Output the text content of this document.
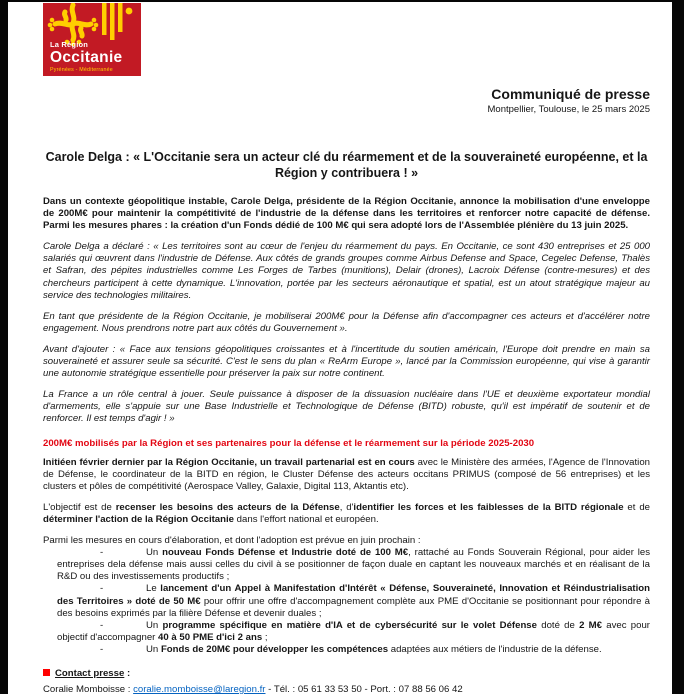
La Région
Occitanie
Pyrénées - Méditerranée
Communiqué de presse
Montpellier, Toulouse, le 25 mars 2025
Carole Delga : « L'Occitanie sera un acteur clé du réarmement et de la souveraineté européenne, et la Région y contribuera ! »

Dans un contexte géopolitique instable, Carole Delga, présidente de la Région Occitanie, annonce la mobilisation d'une enveloppe de 200M€ pour maintenir la compétitivité de l'industrie de la défense dans les territoires et renforcer notre capacité de défense. Parmi les mesures phares : la création d'un Fonds dédié de 100 M€ qui sera adopté lors de l'Assemblée plénière du 13 juin 2025.

Carole Delga a déclaré : « Les territoires sont au cœur de l'enjeu du réarmement du pays. En Occitanie, ce sont 430 entreprises et 25 000 salariés qui œuvrent dans l'industrie de Défense. Aux côtés de grands groupes comme Airbus Defense and Space, Cegelec Defense, Thalès et Safran, des pépites industrielles comme Les Forges de Tarbes (munitions), Delair (drones), Lacroix Défense (contre-mesures) et des chercheurs participent à cette dynamique. L'innovation, portée par les secteurs aéronautique et spatial, est un atout stratégique majeur au service des technologies militaires.

En tant que présidente de la Région Occitanie, je mobiliserai 200M€ pour la Défense afin d'accompagner ces acteurs et d'accélérer notre engagement. Nous prendrons notre part aux côtés du Gouvernement ».

Avant d'ajouter : « Face aux tensions géopolitiques croissantes et à l'incertitude du soutien américain, l'Europe doit prendre en main sa souveraineté et assurer seule sa sécurité. C'est le sens du plan « ReArm Europe », lancé par la Commission européenne, qui vise à garantir une autonomie stratégique essentielle pour préserver la paix sur notre continent.

La France a un rôle central à jouer. Seule puissance à disposer de la dissuasion nucléaire dans l'UE et deuxième exportateur mondial d'armements, elle s'appuie sur une Base Industrielle et Technologique de Défense (BITD) robuste, qu'il est impératif de soutenir et de renforcer. Il est temps d'agir ! »

200M€ mobilisés par la Région et ses partenaires pour la défense et le réarmement sur la période 2025-2030

Initiéen février dernier par la Région Occitanie, un travail partenarial est en cours avec le Ministère des armées, l'Agence de l'Innovation de Défense, le coordinateur de la BITD en région, le Cluster Défense des acteurs occitans PRIMUS (composé de 56 entreprises) et les clusters et pôles de compétitivité (Aerospace Valley, Galaxie, Digital 113, Aktantis etc).

L'objectif est de recenser les besoins des acteurs de la Défense, d'identifier les forces et les faiblesses de la BITD régionale et de déterminer l'action de la Région Occitanie dans l'effort national et européen.

Parmi les mesures en cours d'élaboration, et dont l'adoption est prévue en juin prochain :

-	Un nouveau Fonds Défense et Industrie doté de 100 M€, rattaché au Fonds Souverain Régional, pour aider les entreprises dela défense mais aussi celles du civil à se positionner de façon duale en captant les nouveaux marchés et en réalisant de la R&D ou des investissements productifs ;

-	Le lancement d'un Appel à Manifestation d'Intérêt « Défense, Souveraineté, Innovation et Réindustrialisation des Territoires » doté de 50 M€ pour offrir une offre d'accompagnement complète aux PME d'Occitanie se positionnant pour répondre à des besoins exprimés par la filière Défense et devenir duales ;

-	Un programme spécifique en matière d'IA et de cybersécurité sur le volet Défense doté de 2 M€ avec pour objectif d'accompagner 40 à 50 PME d'ici 2 ans ;

-	Un Fonds de 20M€ pour développer les compétences adaptées aux métiers de l'industrie de la défense.

Contact presse :

Coralie Momboisse : coralie.momboisse@laregion.fr - Tél. : 05 61 33 53 50 - Port. : 07 88 56 06 42
